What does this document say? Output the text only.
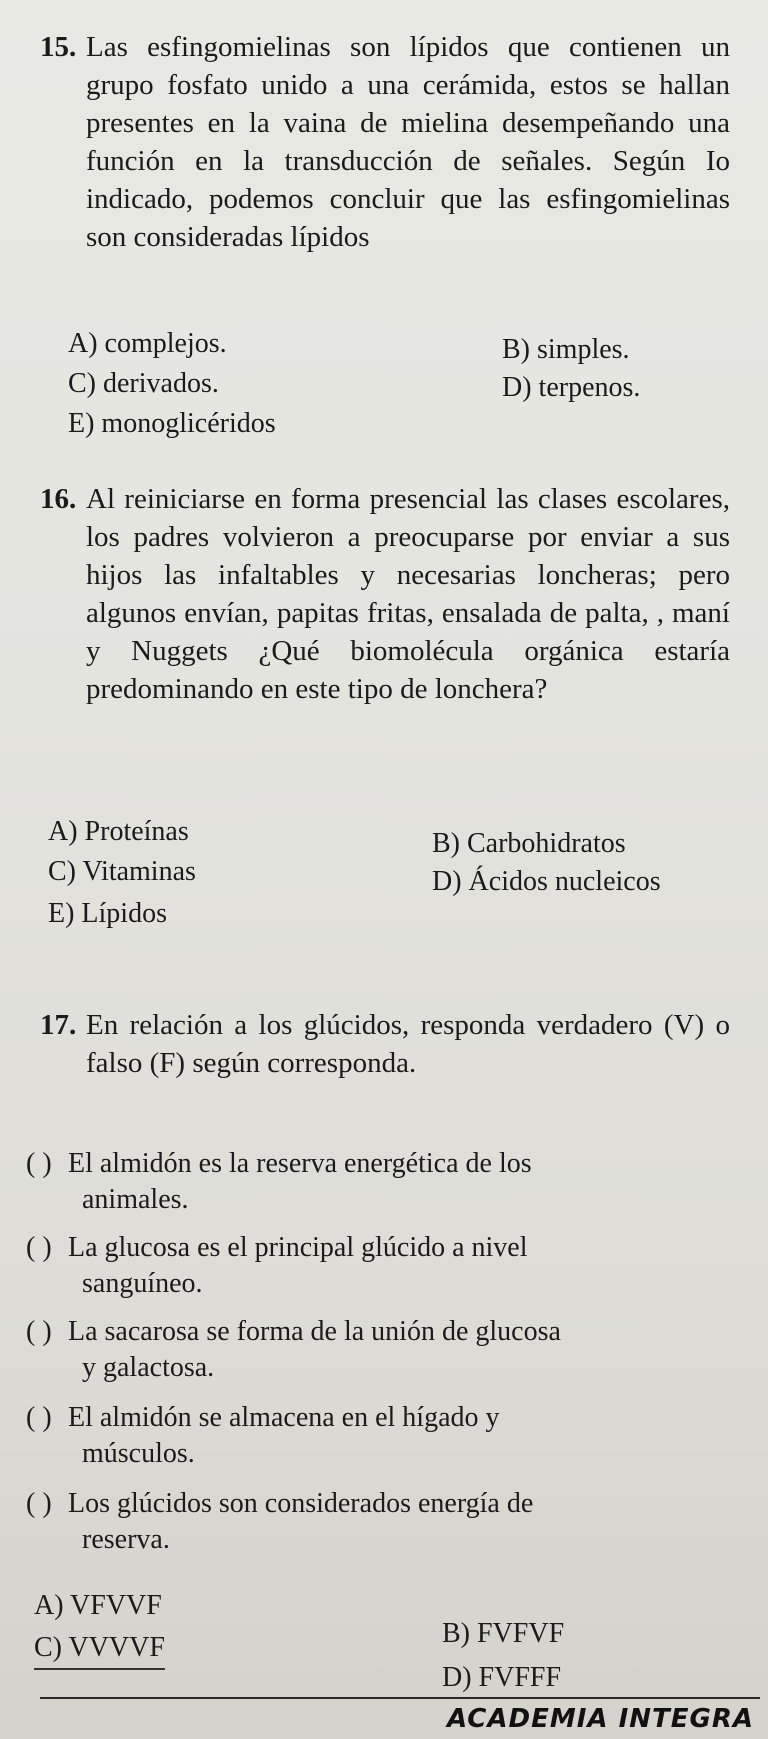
15. Las esfingomielinas son lípidos que contienen un grupo fosfato unido a una cerámida, estos se hallan presentes en la vaina de mielina desempeñando una función en la transducción de señales. Según Io indicado, podemos concluir que las esfingomielinas son consideradas lípidos
A) complejos.	B) simples.
C) derivados.	D) terpenos.
E) monoglicéridos
16. Al reiniciarse en forma presencial las clases escolares, los padres volvieron a preocuparse por enviar a sus hijos las infaltables y necesarias loncheras; pero algunos envían, papitas fritas, ensalada de palta, , maní y Nuggets ¿Qué biomolécula orgánica estaría predominando en este tipo de lonchera?
A) Proteínas	B) Carbohidratos
C) Vitaminas	D) Ácidos nucleicos
E) Lípidos
17. En relación a los glúcidos, responda verdadero (V) o falso (F) según corresponda.
( ) El almidón es la reserva energética de los
animales.
( ) La glucosa es el principal glúcido a nivel
sanguíneo.
( ) La sacarosa se forma de la unión de glucosa
y galactosa.
( ) El almidón se almacena en el hígado y
músculos.
( ) Los glúcidos son considerados energía de
reserva.
A) VFVVF
B) FVFVF
C) VVVVF
D) FVFFF
ACADEMIA INTEGRA
